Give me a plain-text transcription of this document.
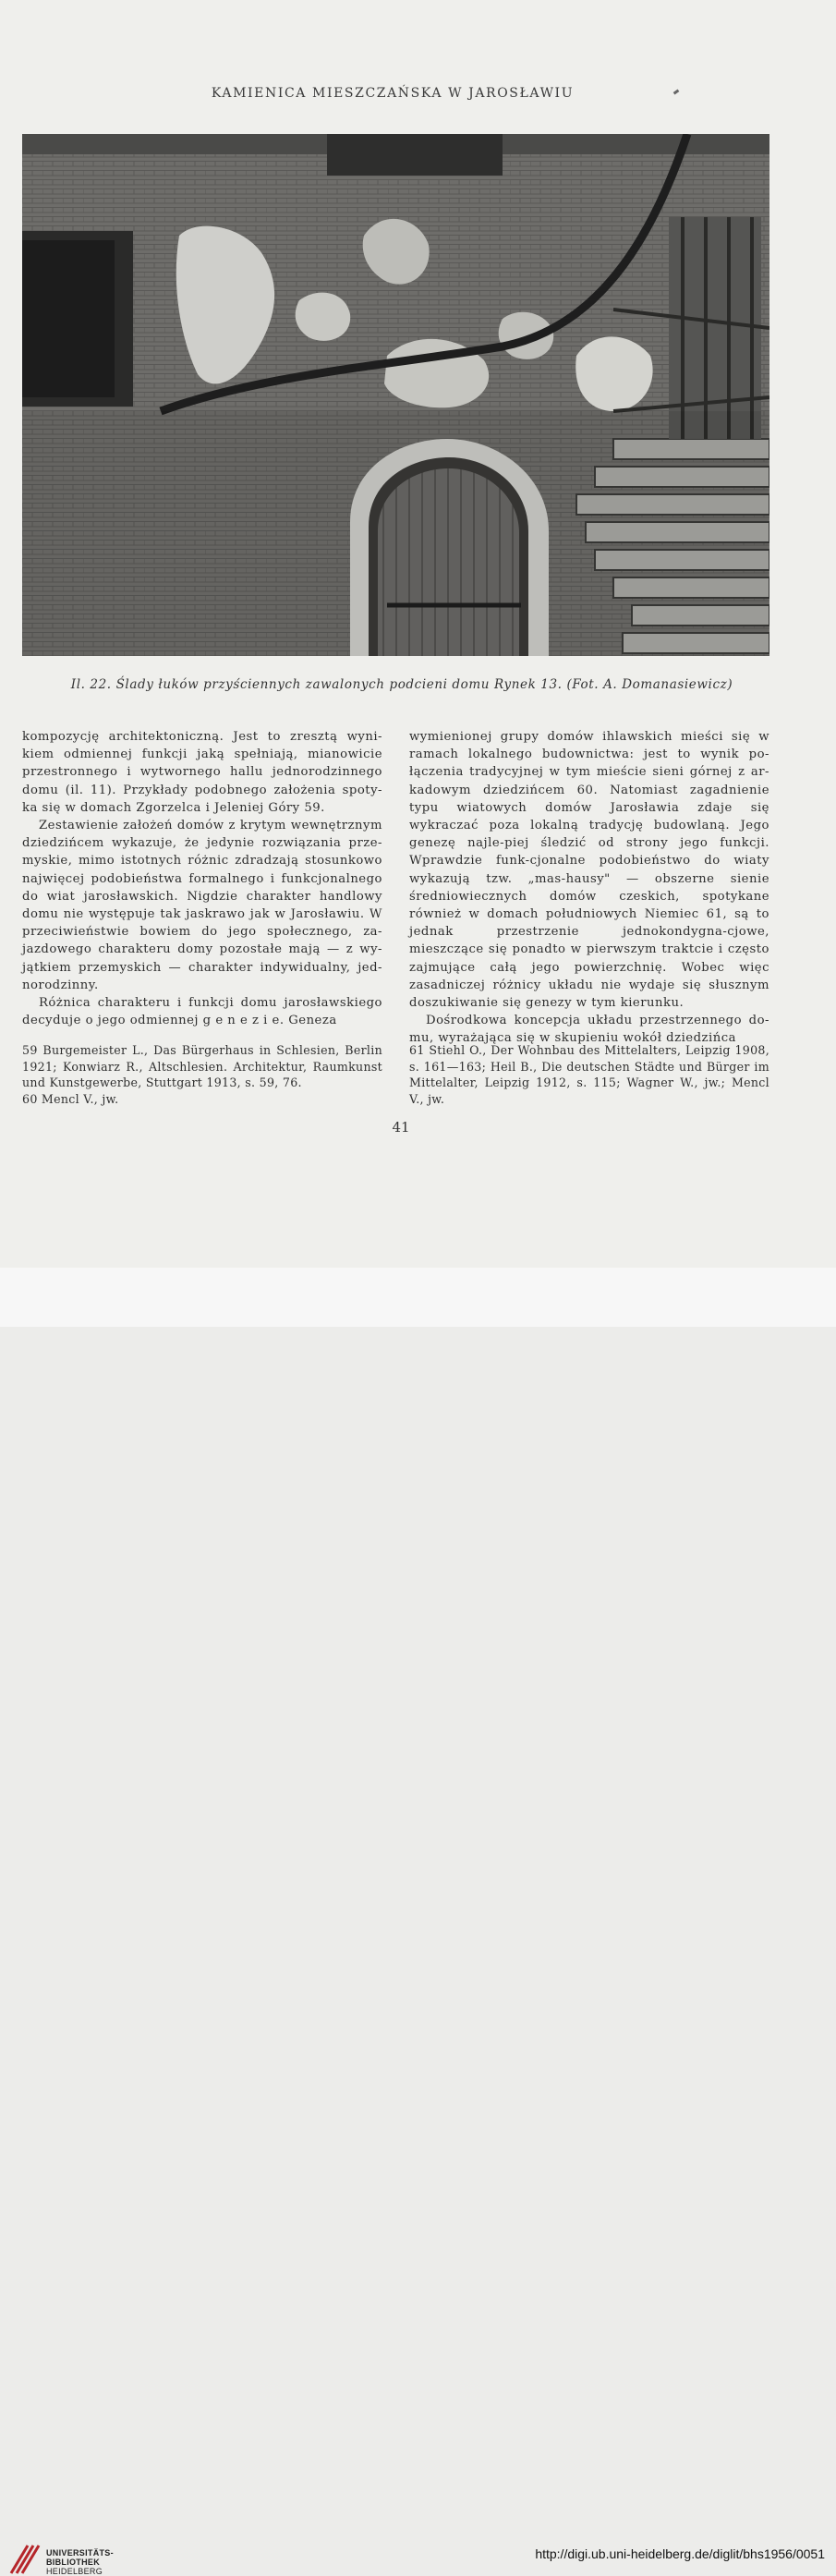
KAMIENICA MIESZCZAŃSKA W JAROSŁAWIU
Il. 22. Ślady łuków przyściennych zawalonych podcieni domu Rynek 13. (Fot. A. Domanasiewicz)

kompozycję architektoniczną. Jest to zresztą wyni-kiem odmiennej funkcji jaką spełniają, mianowicie przestronnego i wytwornego hallu jednorodzinnego domu (il. 11). Przykłady podobnego założenia spoty-ka się w domach Zgorzelca i Jeleniej Góry 59.

Zestawienie założeń domów z krytym wewnętrznym dziedzińcem wykazuje, że jedynie rozwiązania prze-myskie, mimo istotnych różnic zdradzają stosunkowo najwięcej podobieństwa formalnego i funkcjonalnego do wiat jarosławskich. Nigdzie charakter handlowy domu nie występuje tak jaskrawo jak w Jarosławiu. W przeciwieństwie bowiem do jego społecznego, za-jazdowego charakteru domy pozostałe mają — z wy-jątkiem przemyskich — charakter indywidualny, jed-norodzinny.

Różnica charakteru i funkcji domu jarosławskiego decyduje o jego odmiennej g e n e z i e. Geneza

wymienionej grupy domów ihlawskich mieści się w ramach lokalnego budownictwa: jest to wynik po-łączenia tradycyjnej w tym mieście sieni górnej z ar-kadowym dziedzińcem 60. Natomiast zagadnienie typu wiatowych domów Jarosławia zdaje się wykraczać poza lokalną tradycję budowlaną. Jego genezę najle-piej śledzić od strony jego funkcji. Wprawdzie funk-cjonalne podobieństwo do wiaty wykazują tzw. „mas-hausy" — obszerne sienie średniowiecznych domów czeskich, spotykane również w domach południowych Niemiec 61, są to jednak przestrzenie jednokondygna-cjowe, mieszczące się ponadto w pierwszym traktcie i często zajmujące całą jego powierzchnię. Wobec więc zasadniczej różnicy układu nie wydaje się słusznym doszukiwanie się genezy w tym kierunku.

Dośrodkowa koncepcja układu przestrzennego do-mu, wyrażająca się w skupieniu wokół dziedzińca

59 Burgemeister L., Das Bürgerhaus in Schlesien, Berlin 1921; Konwiarz R., Altschlesien. Architektur, Raumkunst und Kunstgewerbe, Stuttgart 1913, s. 59, 76.

60 Mencl V., jw.

61 Stiehl O., Der Wohnbau des Mittelalters, Leipzig 1908, s. 161—163; Heil B., Die deutschen Städte und Bürger im Mittelalter, Leipzig 1912, s. 115; Wagner W., jw.; Mencl V., jw.

41
UNIVERSITÄTS-
BIBLIOTHEK
HEIDELBERG
http://digi.ub.uni-heidelberg.de/diglit/bhs1956/0051
